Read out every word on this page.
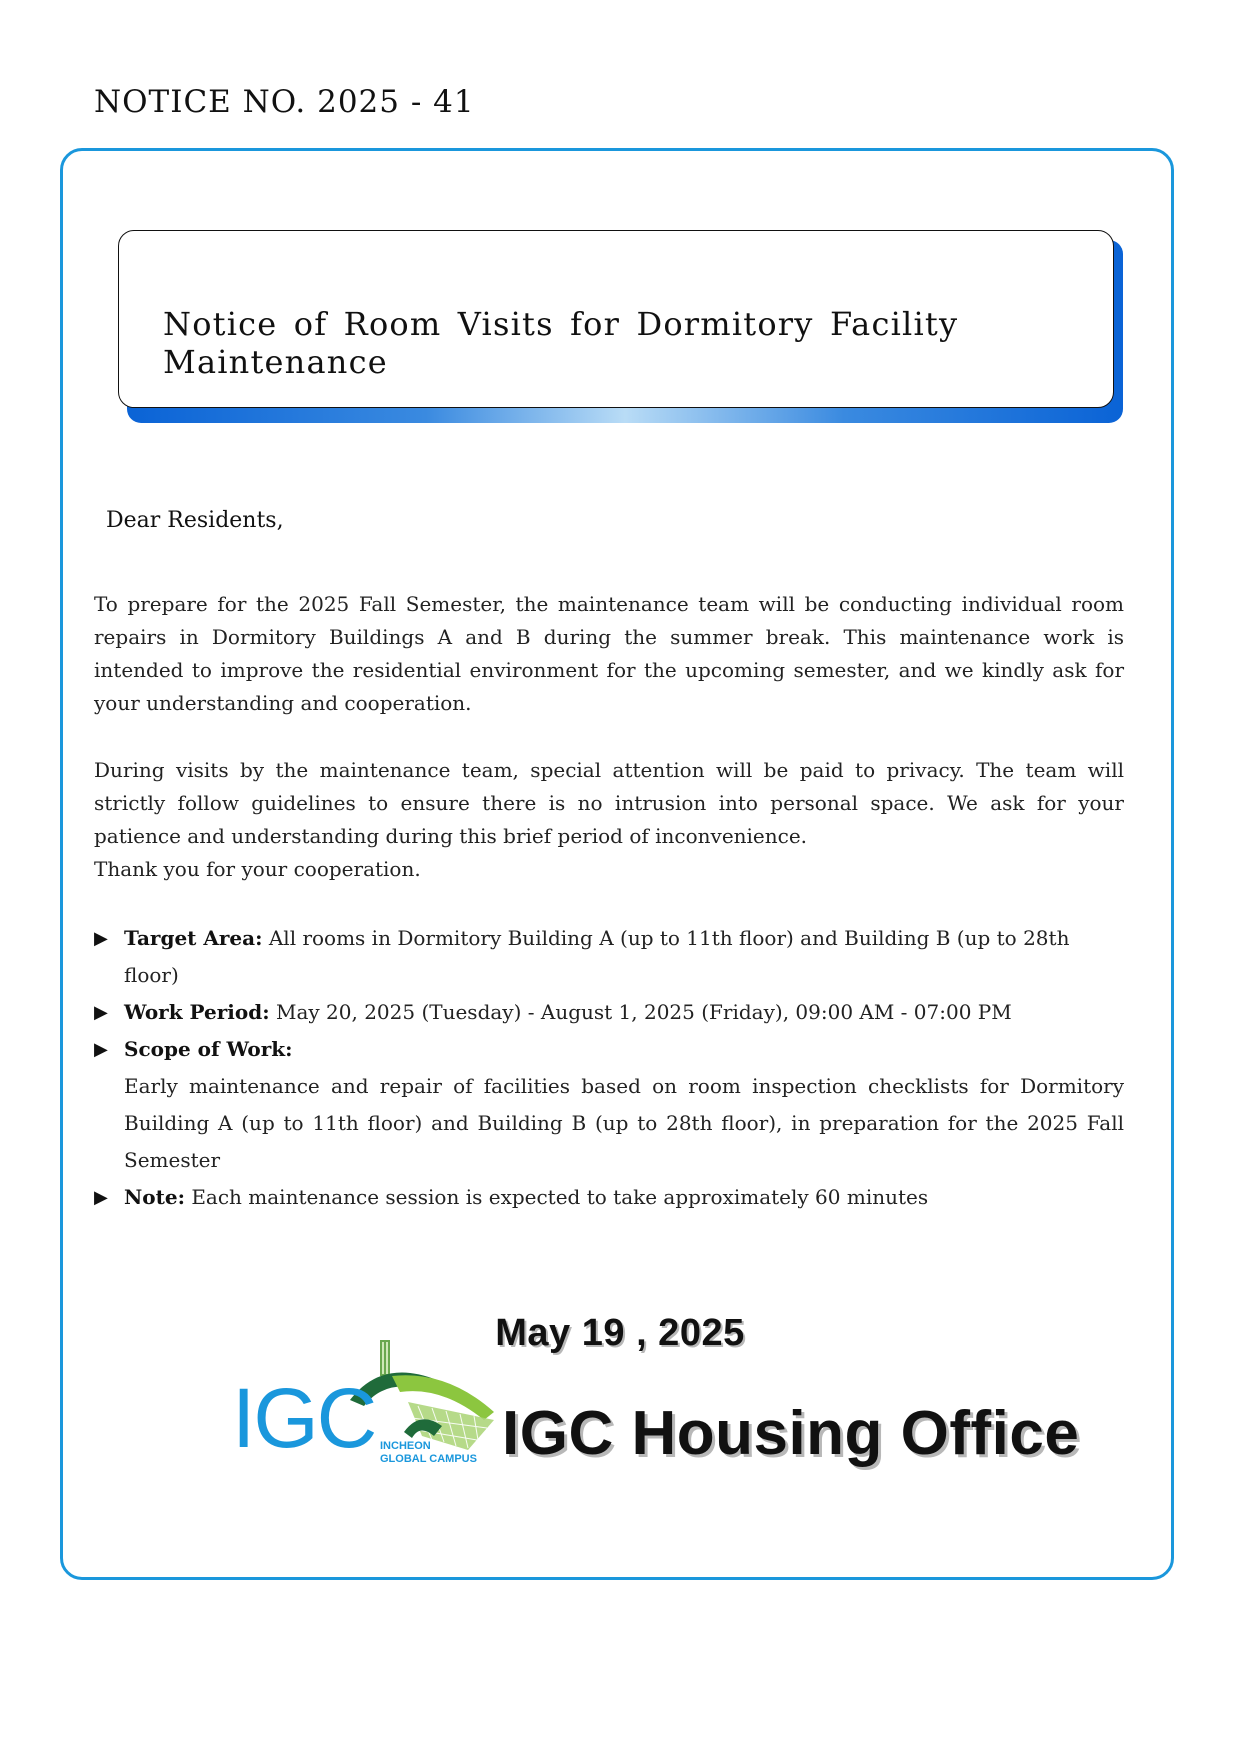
NOTICE NO. 2025 - 41
Notice of Room Visits for Dormitory Facility Maintenance
Dear Residents,

To prepare for the 2025 Fall Semester, the maintenance team will be conducting individual room repairs in Dormitory Buildings A and B during the summer break. This maintenance work is intended to improve the residential environment for the upcoming semester, and we kindly ask for your understanding and cooperation.

During visits by the maintenance team, special attention will be paid to privacy. The team will strictly follow guidelines to ensure there is no intrusion into personal space. We ask for your patience and understanding during this brief period of inconvenience.
Thank you for your cooperation.
▶ Target Area: All rooms in Dormitory Building A (up to 11th floor) and Building B (up to 28th floor)
▶ Work Period: May 20, 2025 (Tuesday) - August 1, 2025 (Friday), 09:00 AM - 07:00 PM
▶ Scope of Work:
Early maintenance and repair of facilities based on room inspection checklists for Dormitory Building A (up to 11th floor) and Building B (up to 28th floor), in preparation for the 2025 Fall Semester
▶ Note: Each maintenance session is expected to take approximately 60 minutes
May 19 , 2025
IGC INCHEON
GLOBAL CAMPUS IGC Housing Office
